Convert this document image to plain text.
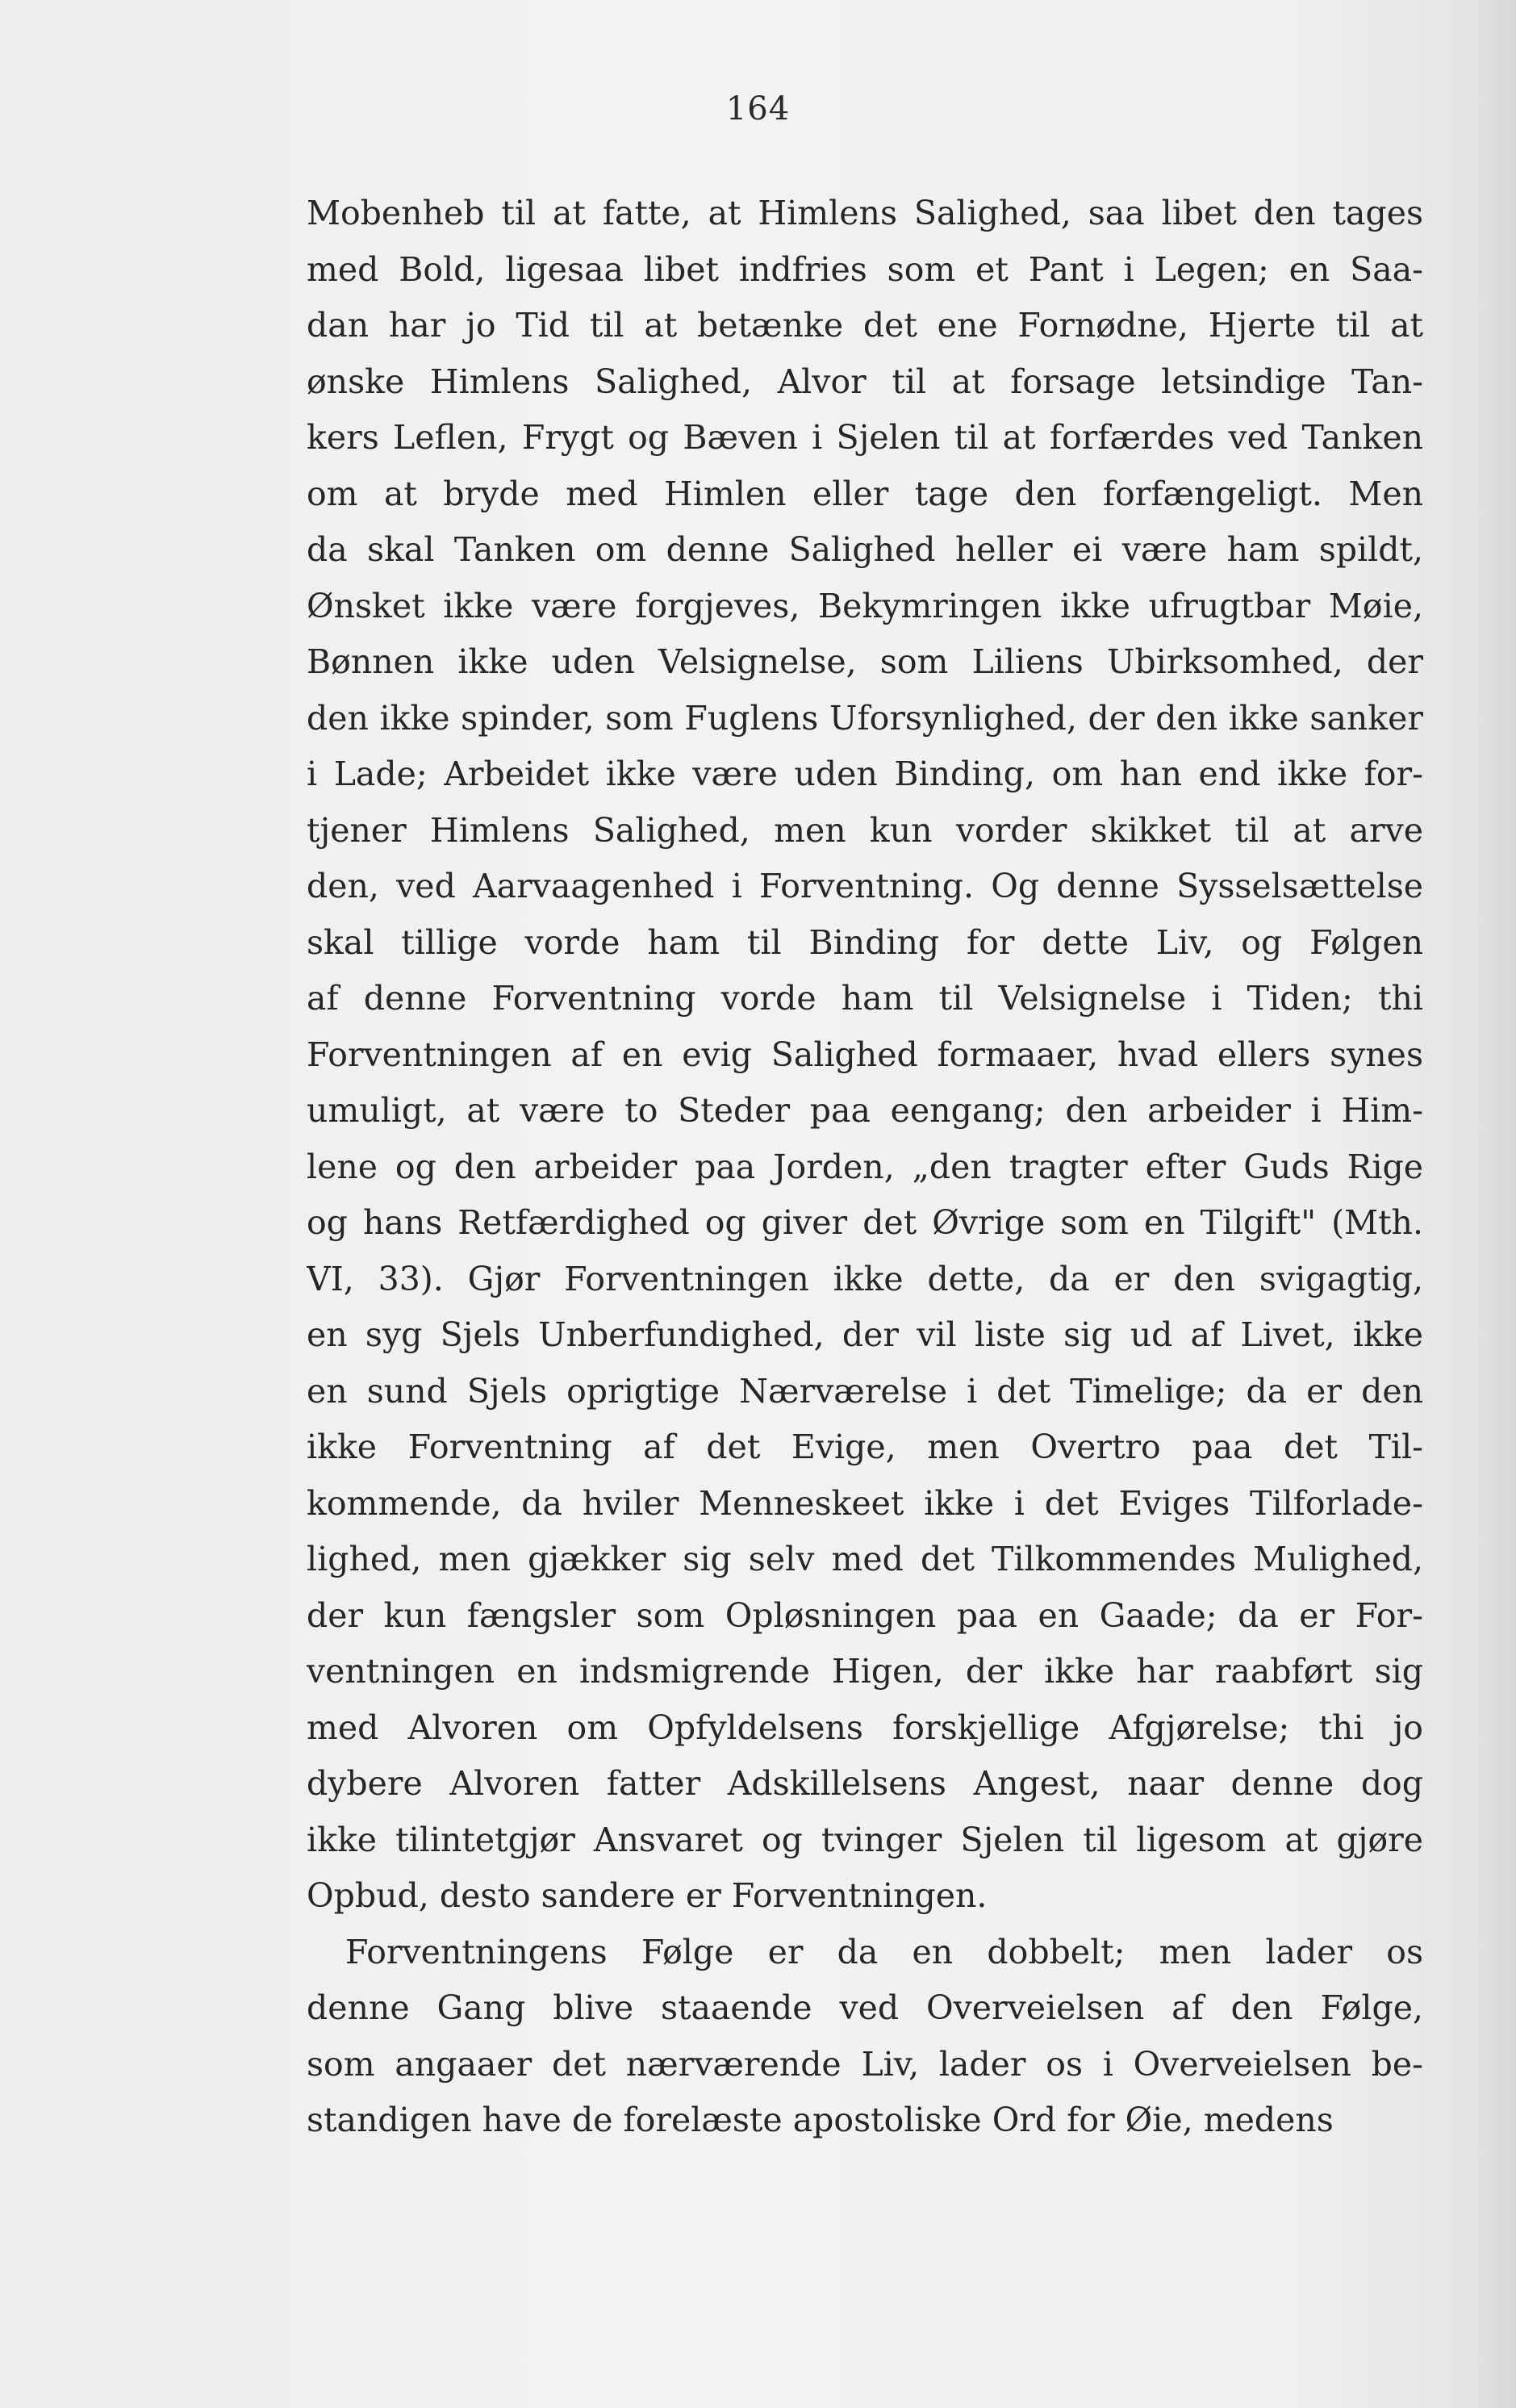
164
Mobenheb til at fatte, at Himlens Salighed, saa libet den tages
med Bold, ligesaa libet indfries som et Pant i Legen; en Saa-
dan har jo Tid til at betænke det ene Fornødne, Hjerte til at
ønske Himlens Salighed, Alvor til at forsage letsindige Tan-
kers Leflen, Frygt og Bæven i Sjelen til at forfærdes ved Tanken
om at bryde med Himlen eller tage den forfængeligt. Men
da skal Tanken om denne Salighed heller ei være ham spildt,
Ønsket ikke være forgjeves, Bekymringen ikke ufrugtbar Møie,
Bønnen ikke uden Velsignelse, som Liliens Ubirksomhed, der
den ikke spinder, som Fuglens Uforsynlighed, der den ikke sanker
i Lade; Arbeidet ikke være uden Binding, om han end ikke for-
tjener Himlens Salighed, men kun vorder skikket til at arve
den, ved Aarvaagenhed i Forventning. Og denne Sysselsættelse
skal tillige vorde ham til Binding for dette Liv, og Følgen
af denne Forventning vorde ham til Velsignelse i Tiden; thi
Forventningen af en evig Salighed formaaer, hvad ellers synes
umuligt, at være to Steder paa eengang; den arbeider i Him-
lene og den arbeider paa Jorden, „den tragter efter Guds Rige
og hans Retfærdighed og giver det Øvrige som en Tilgift" (Mth.
VI, 33). Gjør Forventningen ikke dette, da er den svigagtig,
en syg Sjels Unberfundighed, der vil liste sig ud af Livet, ikke
en sund Sjels oprigtige Nærværelse i det Timelige; da er den
ikke Forventning af det Evige, men Overtro paa det Til-
kommende, da hviler Menneskeet ikke i det Eviges Tilforlade-
lighed, men gjækker sig selv med det Tilkommendes Mulighed,
der kun fængsler som Opløsningen paa en Gaade; da er For-
ventningen en indsmigrende Higen, der ikke har raabført sig
med Alvoren om Opfyldelsens forskjellige Afgjørelse; thi jo
dybere Alvoren fatter Adskillelsens Angest, naar denne dog
ikke tilintetgjør Ansvaret og tvinger Sjelen til ligesom at gjøre
Opbud, desto sandere er Forventningen.
Forventningens Følge er da en dobbelt; men lader os
denne Gang blive staaende ved Overveielsen af den Følge,
som angaaer det nærværende Liv, lader os i Overveielsen be-
standigen have de forelæste apostoliske Ord for Øie, medens
